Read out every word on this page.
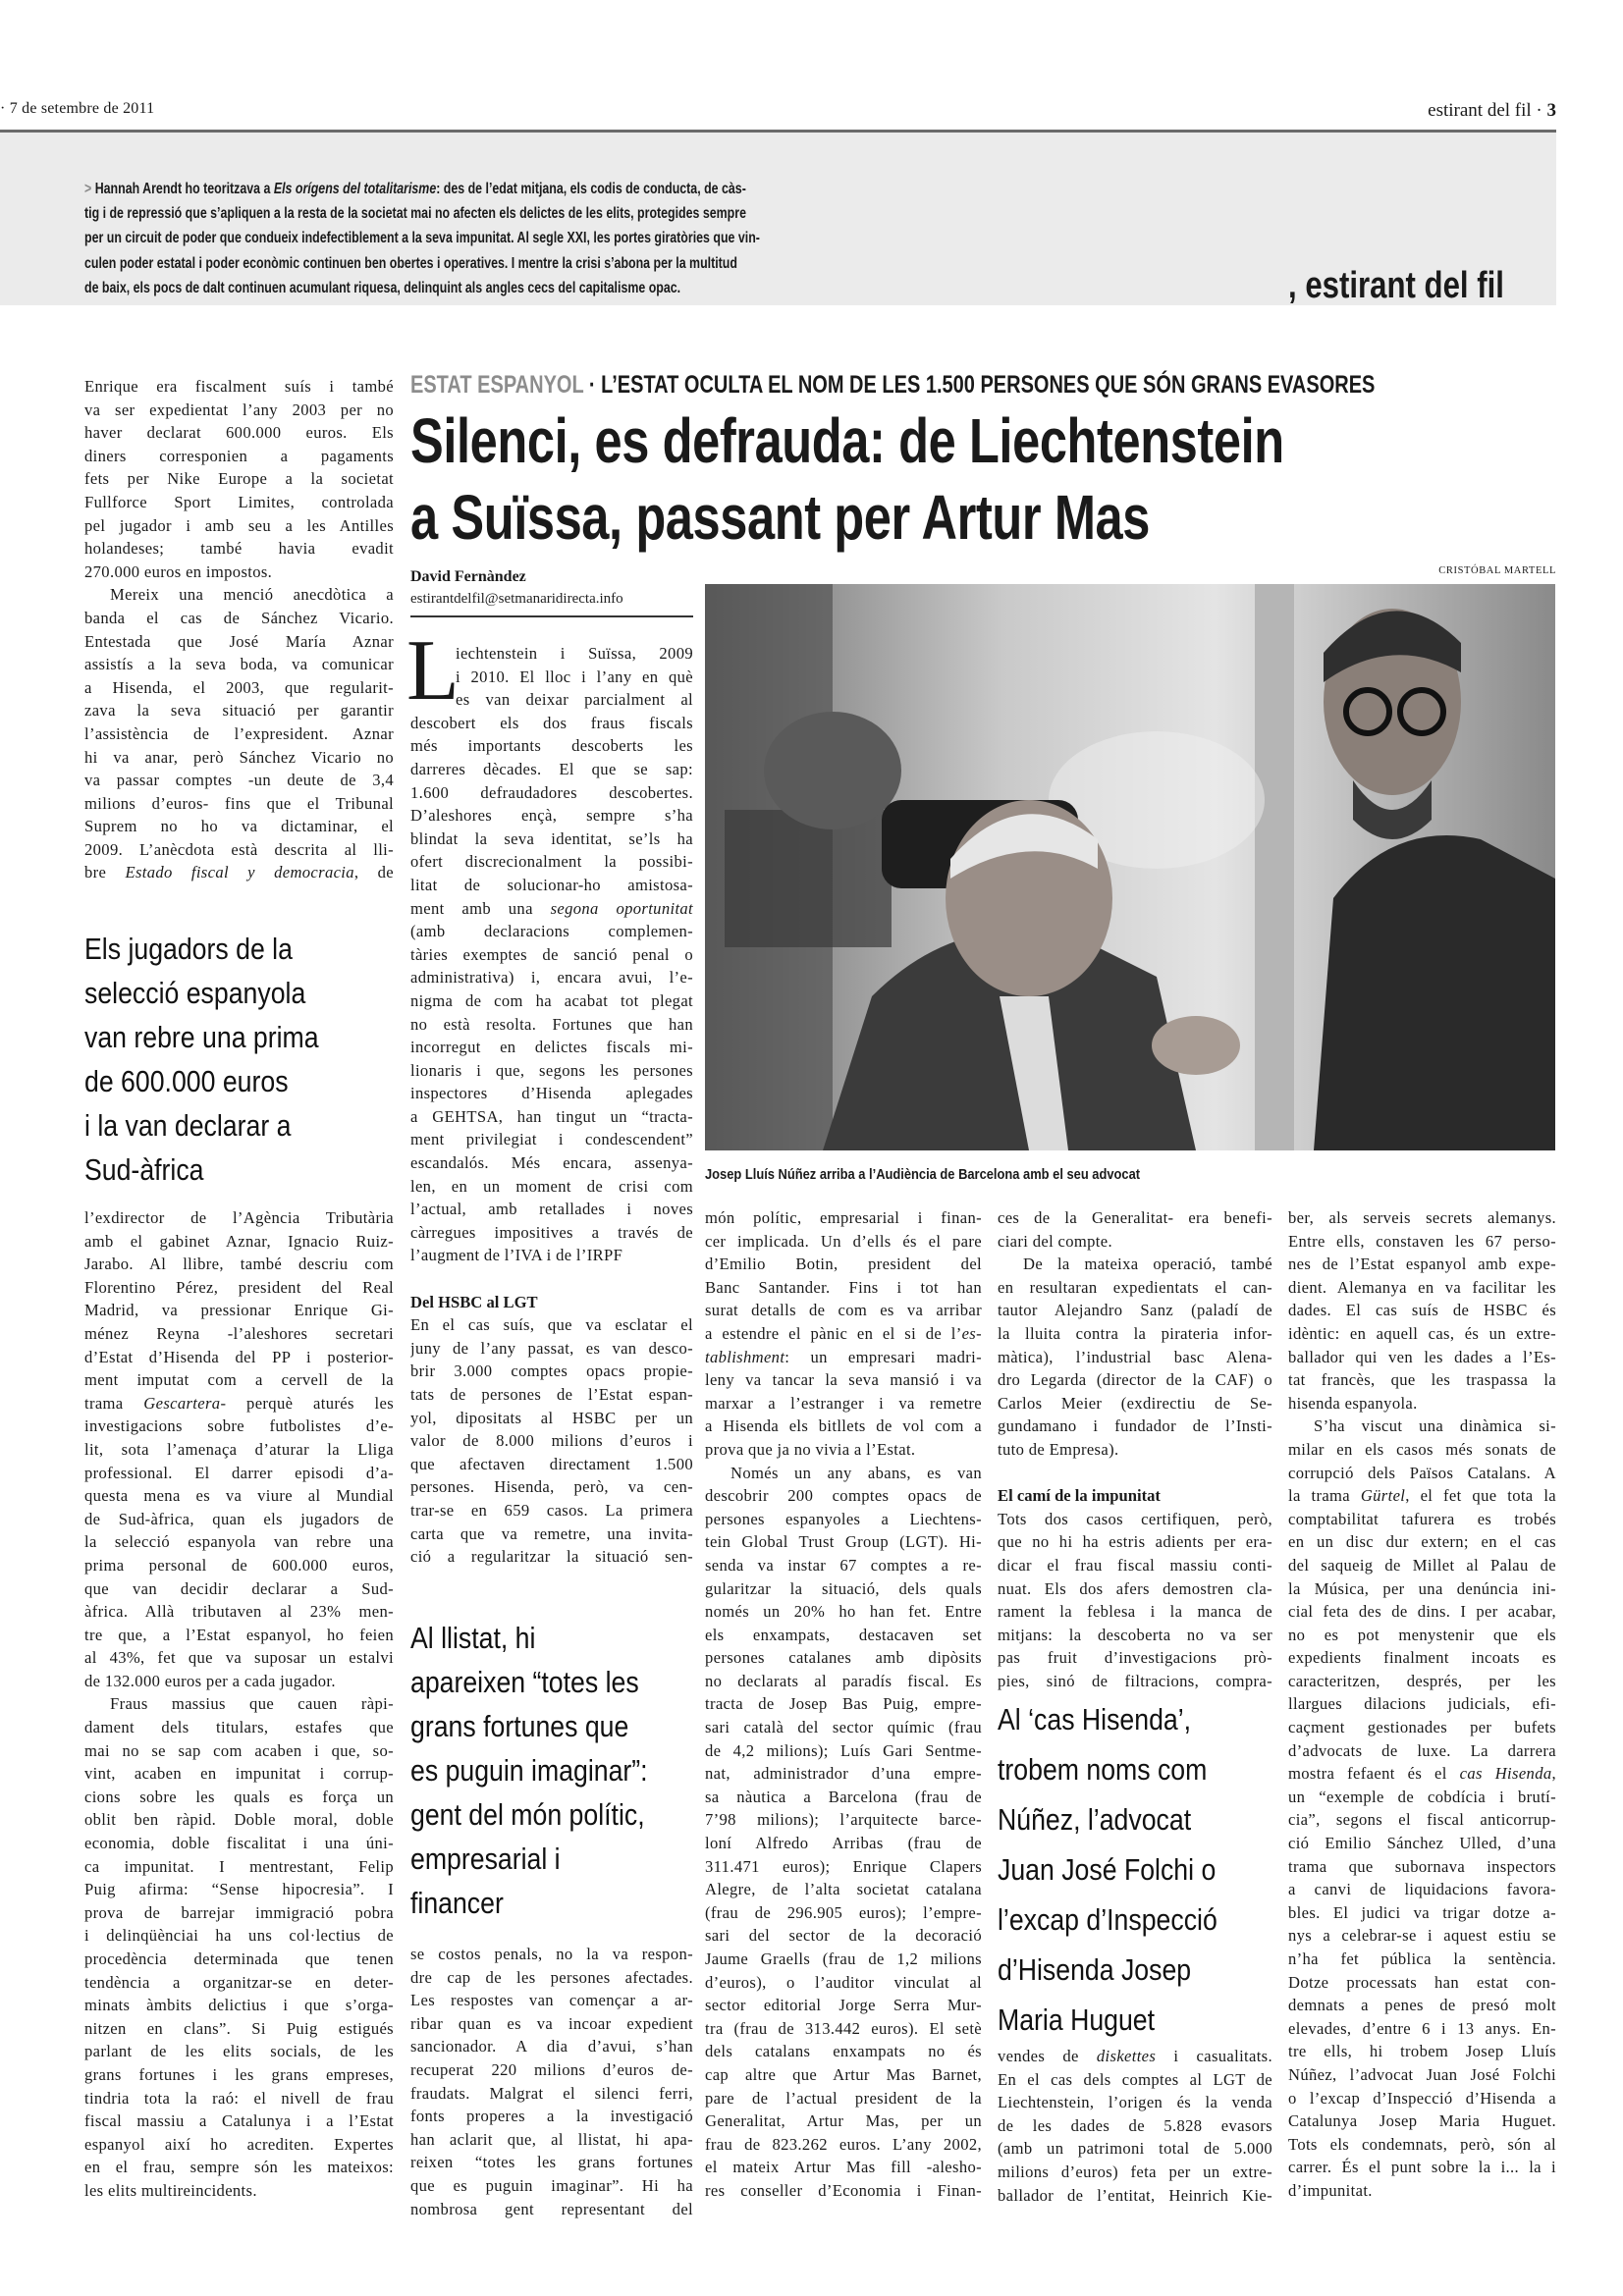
· 7 de setembre de 2011	estirant del fil · 3
> Hannah Arendt ho teoritzava a Els orígens del totalitarisme: des de l’edat mitjana, els codis de conducta, de càs-
tig i de repressió que s’apliquen a la resta de la societat mai no afecten els delictes de les elits, protegides sempre
per un circuit de poder que condueix indefectiblement a la seva impunitat. Al segle XXI, les portes giratòries que vin-
culen poder estatal i poder econòmic continuen ben obertes i operatives. I mentre la crisi s’abona per la multitud
de baix, els pocs de dalt continuen acumulant riquesa, delinquint als angles cecs del capitalisme opac.	, estirant del fil
ESTAT ESPANYOL · L’ESTAT OCULTA EL NOM DE LES 1.500 PERSONES QUE SÓN GRANS EVASORES
Silenci, es defrauda: de Liechtenstein
a Suïssa, passant per Artur Mas
David Fernàndez
estirantdelfil@setmanaridirecta.info
L
CRISTÓBAL MARTELL
Josep Lluís Núñez arriba a l’Audiència de Barcelona amb el seu advocat
Enrique era fiscalment suís i també
va ser expedientat l’any 2003 per no
haver declarat 600.000 euros. Els
diners corresponien a pagaments
fets per Nike Europe a la societat
Fullforce Sport Limites, controlada
pel jugador i amb seu a les Antilles
holandeses; també havia evadit
270.000 euros en impostos.
Mereix una menció anecdòtica a
banda el cas de Sánchez Vicario.
Entestada que José María Aznar
assistís a la seva boda, va comunicar
a Hisenda, el 2003, que regularit-
zava la seva situació per garantir
l’assistència de l’expresident. Aznar
hi va anar, però Sánchez Vicario no
va passar comptes -un deute de 3,4
milions d’euros- fins que el Tribunal
Suprem no ho va dictaminar, el
2009. L’anècdota està descrita al lli-
bre Estado fiscal y democracia, de
Els jugadors de la
selecció espanyola
van rebre una prima
de 600.000 euros
i la van declarar a
Sud-àfrica
l’exdirector de l’Agència Tributària
amb el gabinet Aznar, Ignacio Ruiz-
Jarabo. Al llibre, també descriu com
Florentino Pérez, president del Real
Madrid, va pressionar Enrique Gi-
ménez Reyna -l’aleshores secretari
d’Estat d’Hisenda del PP i posterior-
ment imputat com a cervell de la
trama Gescartera- perquè aturés les
investigacions sobre futbolistes d’e-
lit, sota l’amenaça d’aturar la Lliga
professional. El darrer episodi d’a-
questa mena es va viure al Mundial
de Sud-àfrica, quan els jugadors de
la selecció espanyola van rebre una
prima personal de 600.000 euros,
que van decidir declarar a Sud-
àfrica. Allà tributaven al 23% men-
tre que, a l’Estat espanyol, ho feien
al 43%, fet que va suposar un estalvi
de 132.000 euros per a cada jugador.
Fraus massius que cauen ràpi-
dament dels titulars, estafes que
mai no se sap com acaben i que, so-
vint, acaben en impunitat i corrup-
cions sobre les quals es força un
oblit ben ràpid. Doble moral, doble
economia, doble fiscalitat i una úni-
ca impunitat. I mentrestant, Felip
Puig afirma: “Sense hipocresia”. I
prova de barrejar immigració pobra
i delinqüènciai ha uns col·lectius de
procedència determinada que tenen
tendència a organitzar-se en deter-
minats àmbits delictius i que s’orga-
nitzen en clans”. Si Puig estigués
parlant de les elits socials, de les
grans fortunes i les grans empreses,
tindria tota la raó: el nivell de frau
fiscal massiu a Catalunya i a l’Estat
espanyol així ho acrediten. Expertes
en el frau, sempre són les mateixos:
les elits multireincidents.
iechtenstein i Suïssa, 2009
i 2010. El lloc i l’any en què
es van deixar parcialment al
descobert els dos fraus fiscals
més importants descoberts les
darreres dècades. El que se sap:
1.600 defraudadores descobertes.
D’aleshores ençà, sempre s’ha
blindat la seva identitat, se’ls ha
ofert discrecionalment la possibi-
litat de solucionar-ho amistosa-
ment amb una segona oportunitat
(amb declaracions complemen-
tàries exemptes de sanció penal o
administrativa) i, encara avui, l’e-
nigma de com ha acabat tot plegat
no està resolta. Fortunes que han
incorregut en delictes fiscals mi-
lionaris i que, segons les persones
inspectores d’Hisenda aplegades
a GEHTSA, han tingut un “tracta-
ment privilegiat i condescendent”
escandalós. Més encara, assenya-
len, en un moment de crisi com
l’actual, amb retallades i noves
càrregues impositives a través de
l’augment de l’IVA i de l’IRPF
Del HSBC al LGT
En el cas suís, que va esclatar el
juny de l’any passat, es van desco-
brir 3.000 comptes opacs propie-
tats de persones de l’Estat espan-
yol, dipositats al HSBC per un
valor de 8.000 milions d’euros i
que afectaven directament 1.500
persones. Hisenda, però, va cen-
trar-se en 659 casos. La primera
carta que va remetre, una invita-
ció a regularitzar la situació sen-
Al llistat, hi
apareixen “totes les
grans fortunes que
es puguin imaginar”:
gent del món polític,
empresarial i
financer
se costos penals, no la va respon-
dre cap de les persones afectades.
Les respostes van començar a ar-
ribar quan es va incoar expedient
sancionador. A dia d’avui, s’han
recuperat 220 milions d’euros de-
fraudats. Malgrat el silenci ferri,
fonts properes a la investigació
han aclarit que, al llistat, hi apa-
reixen “totes les grans fortunes
que es puguin imaginar”. Hi ha
nombrosa gent representant del
món polític, empresarial i finan-
cer implicada. Un d’ells és el pare
d’Emilio Botin, president del
Banc Santander. Fins i tot han
surat detalls de com es va arribar
a estendre el pànic en el si de l’es-
tablishment: un empresari madri-
leny va tancar la seva mansió i va
marxar a l’estranger i va remetre
a Hisenda els bitllets de vol com a
prova que ja no vivia a l’Estat.
Només un any abans, es van
descobrir 200 comptes opacs de
persones espanyoles a Liechtens-
tein Global Trust Group (LGT). Hi-
senda va instar 67 comptes a re-
gularitzar la situació, dels quals
només un 20% ho han fet. Entre
els enxampats, destacaven set
persones catalanes amb dipòsits
no declarats al paradís fiscal. Es
tracta de Josep Bas Puig, empre-
sari català del sector químic (frau
de 4,2 milions); Luís Gari Sentme-
nat, administrador d’una empre-
sa nàutica a Barcelona (frau de
7’98 milions); l’arquitecte barce-
loní Alfredo Arribas (frau de
311.471 euros); Enrique Clapers
Alegre, de l’alta societat catalana
(frau de 296.905 euros); l’empre-
sari del sector de la decoració
Jaume Graells (frau de 1,2 milions
d’euros), o l’auditor vinculat al
sector editorial Jorge Serra Mur-
tra (frau de 313.442 euros). El setè
dels catalans enxampats no és
cap altre que Artur Mas Barnet,
pare de l’actual president de la
Generalitat, Artur Mas, per un
frau de 823.262 euros. L’any 2002,
el mateix Artur Mas fill -alesho-
res conseller d’Economia i Finan-
ces de la Generalitat- era benefi-
ciari del compte.
De la mateixa operació, també
en resultaran expedientats el can-
tautor Alejandro Sanz (paladí de
la lluita contra la pirateria infor-
màtica), l’industrial basc Alena-
dro Legarda (director de la CAF) o
Carlos Meier (exdirectiu de Se-
gundamano i fundador de l’Insti-
tuto de Empresa).
El camí de la impunitat
Tots dos casos certifiquen, però,
que no hi ha estris adients per era-
dicar el frau fiscal massiu conti-
nuat. Els dos afers demostren cla-
rament la feblesa i la manca de
mitjans: la descoberta no va ser
pas fruit d’investigacions prò-
pies, sinó de filtracions, compra-
Al ‘cas Hisenda’,
trobem noms com
Núñez, l’advocat
Juan José Folchi o
l’excap d’Inspecció
d’Hisenda Josep
Maria Huguet
vendes de diskettes i casualitats.
En el cas dels comptes al LGT de
Liechtenstein, l’origen és la venda
de les dades de 5.828 evasors
(amb un patrimoni total de 5.000
milions d’euros) feta per un extre-
ballador de l’entitat, Heinrich Kie-
ber, als serveis secrets alemanys.
Entre ells, constaven les 67 perso-
nes de l’Estat espanyol amb expe-
dient. Alemanya en va facilitar les
dades. El cas suís de HSBC és
idèntic: en aquell cas, és un extre-
ballador qui ven les dades a l’Es-
tat francès, que les traspassa la
hisenda espanyola.
S’ha viscut una dinàmica si-
milar en els casos més sonats de
corrupció dels Països Catalans. A
la trama Gürtel, el fet que tota la
comptabilitat tafurera es trobés
en un disc dur extern; en el cas
del saqueig de Millet al Palau de
la Música, per una denúncia ini-
cial feta des de dins. I per acabar,
no es pot menystenir que els
expedients finalment incoats es
caracteritzen, després, per les
llargues dilacions judicials, efi-
caçment gestionades per bufets
d’advocats de luxe. La darrera
mostra fefaent és el cas Hisenda,
un “exemple de cobdícia i brutí-
cia”, segons el fiscal anticorrup-
ció Emilio Sánchez Ulled, d’una
trama que subornava inspectors
a canvi de liquidacions favora-
bles. El judici va trigar dotze a-
nys a celebrar-se i aquest estiu se
n’ha fet pública la sentència.
Dotze processats han estat con-
demnats a penes de presó molt
elevades, d’entre 6 i 13 anys. En-
tre ells, hi trobem Josep Lluís
Núñez, l’advocat Juan José Folchi
o l’excap d’Inspecció d’Hisenda a
Catalunya Josep Maria Huguet.
Tots els condemnats, però, són al
carrer. És el punt sobre la i... la i
d’impunitat.
